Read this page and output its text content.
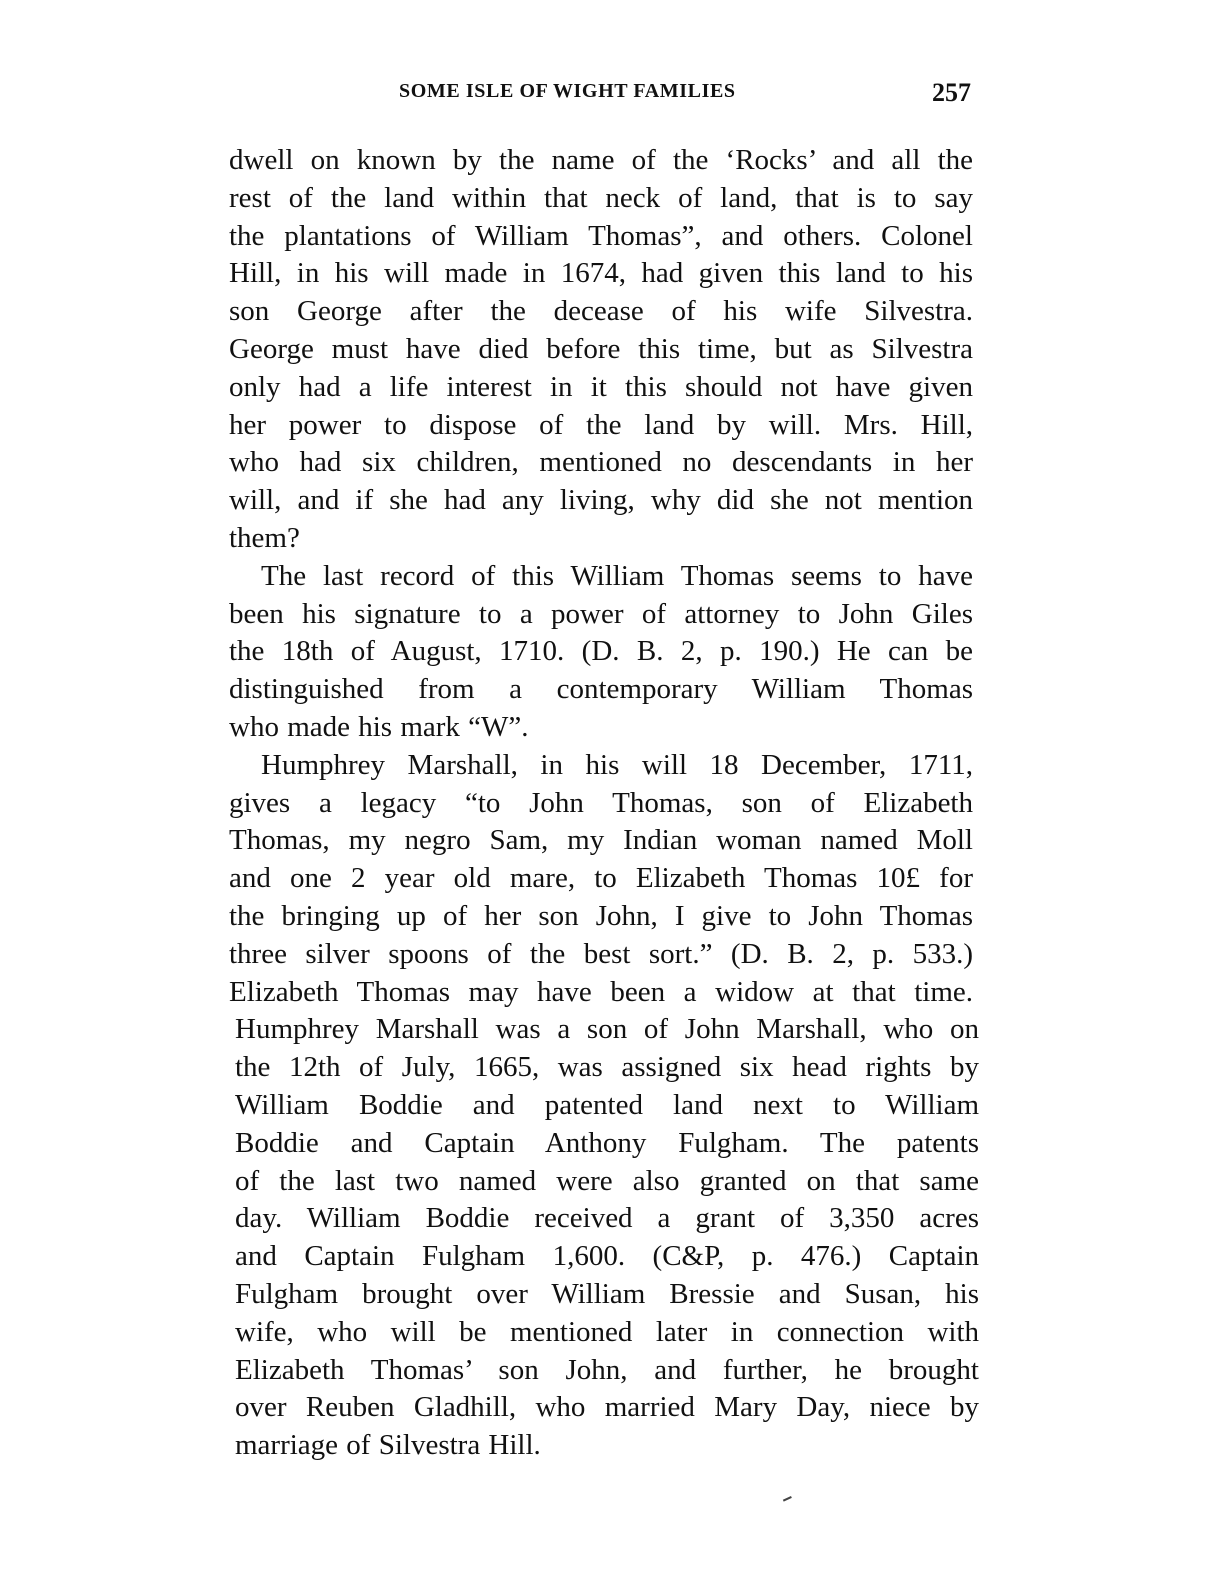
SOME ISLE OF WIGHT FAMILIES	257
dwell on known by the name of the ‘Rocks’ and all the
rest of the land within that neck of land, that is to say
the plantations of William Thomas”, and others. Colonel
Hill, in his will made in 1674, had given this land to his
son George after the decease of his wife Silvestra.
George must have died before this time, but as Silvestra
only had a life interest in it this should not have given
her power to dispose of the land by will. Mrs. Hill,
who had six children, mentioned no descendants in her
will, and if she had any living, why did she not mention
them?
The last record of this William Thomas seems to have
been his signature to a power of attorney to John Giles
the 18th of August, 1710. (D. B. 2, p. 190.) He can be
distinguished from a contemporary William Thomas
who made his mark “W”.
Humphrey Marshall, in his will 18 December, 1711,
gives a legacy “to John Thomas, son of Elizabeth
Thomas, my negro Sam, my Indian woman named Moll
and one 2 year old mare, to Elizabeth Thomas 10£ for
the bringing up of her son John, I give to John Thomas
three silver spoons of the best sort.” (D. B. 2, p. 533.)
Elizabeth Thomas may have been a widow at that time.
Humphrey Marshall was a son of John Marshall, who on
the 12th of July, 1665, was assigned six head rights by
William Boddie and patented land next to William
Boddie and Captain Anthony Fulgham. The patents
of the last two named were also granted on that same
day. William Boddie received a grant of 3,350 acres
and Captain Fulgham 1,600. (C&P, p. 476.) Captain
Fulgham brought over William Bressie and Susan, his
wife, who will be mentioned later in connection with
Elizabeth Thomas’ son John, and further, he brought
over Reuben Gladhill, who married Mary Day, niece by
marriage of Silvestra Hill.
